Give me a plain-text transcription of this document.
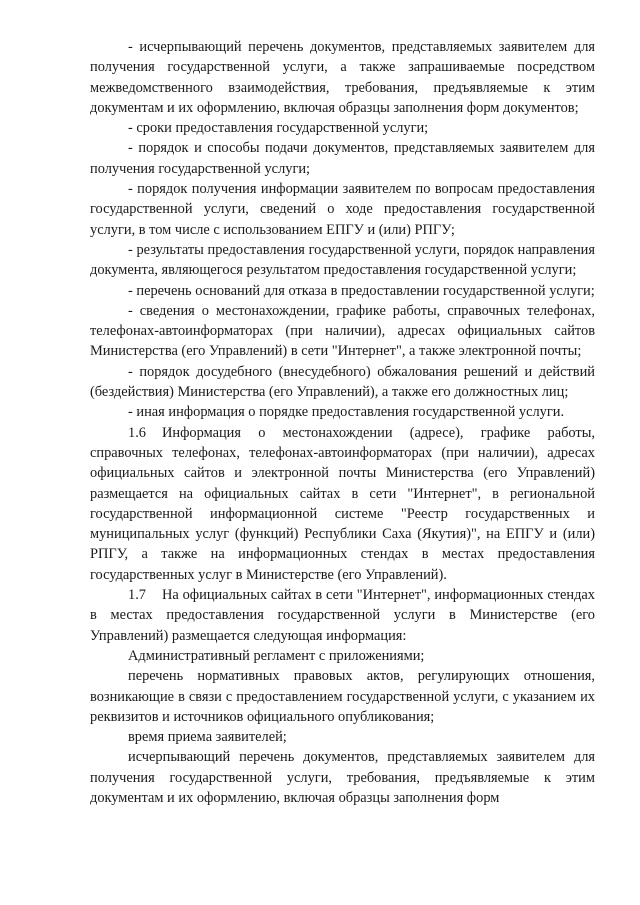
- исчерпывающий перечень документов, представляемых заявителем для получения государственной услуги, а также запрашиваемые посредством межведомственного взаимодействия, требования, предъявляемые к этим документам и их оформлению, включая образцы заполнения форм документов;

- сроки предоставления государственной услуги;

- порядок и способы подачи документов, представляемых заявителем для получения государственной услуги;

- порядок получения информации заявителем по вопросам предоставления государственной услуги, сведений о ходе предоставления государственной услуги, в том числе с использованием ЕПГУ и (или) РПГУ;

- результаты предоставления государственной услуги, порядок направления документа, являющегося результатом предоставления государственной услуги;

- перечень оснований для отказа в предоставлении государственной услуги;

- сведения о местонахождении, графике работы, справочных телефонах, телефонах-автоинформаторах (при наличии), адресах официальных сайтов Министерства (его Управлений) в сети "Интернет", а также электронной почты;

- порядок досудебного (внесудебного) обжалования решений и действий (бездействия) Министерства (его Управлений), а также его должностных лиц;

- иная информация о порядке предоставления государственной услуги.

1.6 Информация о местонахождении (адресе), графике работы, справочных телефонах, телефонах-автоинформаторах (при наличии), адресах официальных сайтов и электронной почты Министерства (его Управлений) размещается на официальных сайтах в сети "Интернет", в региональной государственной информационной системе "Реестр государственных и муниципальных услуг (функций) Республики Саха (Якутия)", на ЕПГУ и (или) РПГУ, а также на информационных стендах в местах предоставления государственных услуг в Министерстве (его Управлений).

1.7 На официальных сайтах в сети "Интернет", информационных стендах в местах предоставления государственной услуги в Министерстве (его Управлений) размещается следующая информация:

Административный регламент с приложениями;

перечень нормативных правовых актов, регулирующих отношения, возникающие в связи с предоставлением государственной услуги, с указанием их реквизитов и источников официального опубликования;

время приема заявителей;

исчерпывающий перечень документов, представляемых заявителем для получения государственной услуги, требования, предъявляемые к этим документам и их оформлению, включая образцы заполнения форм
